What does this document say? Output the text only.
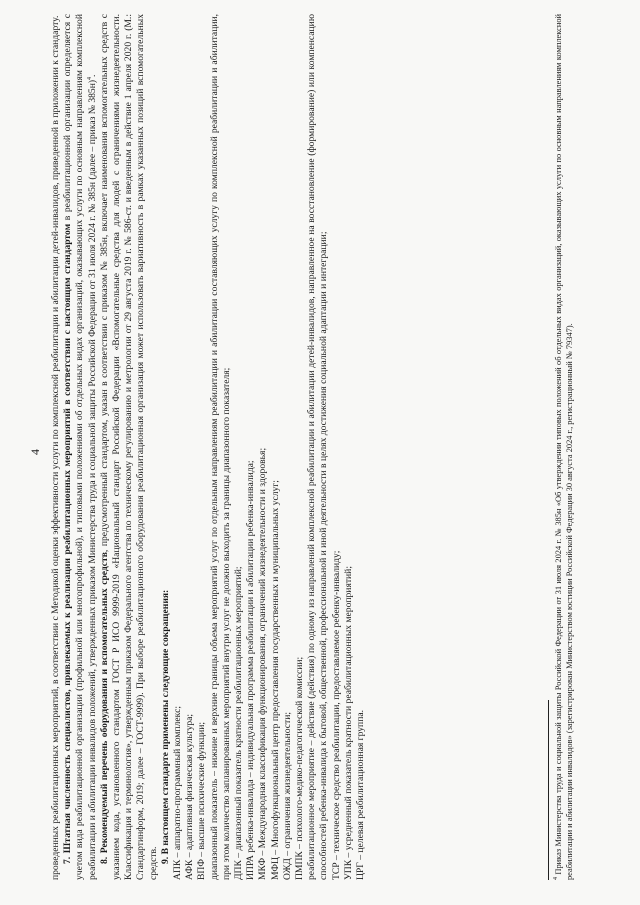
4 проведенных реабилитационных мероприятий, в соответствии с Методикой оценки эффективности услуги по комплексной реабилитации и абилитации детей-инвалидов, приведенной в приложении к стандарту. 7. Штатная численность специалистов, привлекаемых к реализации реабилитационных мероприятий в соответствии с настоящим стандартом в реабилитационной организации определяется с учетом вида реабилитационной организации (профильной или многопрофильной), и типовыми положениями об отдельных видах организаций, оказывающих услуги по основным направлениям комплексной реабилитации и абилитации инвалидов положений, утвержденных приказом Министерства труда и социальной защиты Российской Федерации от 31 июля 2024 г. № 385н (далее – приказ № 385н)$^4$.

8. Рекомендуемый перечень оборудования и вспомогательных средств, предусмотренный стандартом, указан в соответствии с приказом № 385н, включает наименования вспомогательных средств с указанием кода, установленного стандартом ГОСТ Р ИСО 9999-2019 «Национальный стандарт Российской Федерации «Вспомогательные средства для людей с ограничениями жизнедеятельности. Классификация и терминология», утвержденным приказом Федерального агентства по техническому регулированию и метрологии от 29 августа 2019 г. № 586-ст. и введенным в действие 1 апреля 2020 г. (М.: Стандартинформ, 2019; далее – ГОСТ-9999). При выборе реабилитационного оборудования реабилитационная организация может использовать вариативность в рамках указанных позиций вспомогательных средств. 9. В настоящем стандарте применены следующие сокращения: АПК – аппаратно-программный комплекс; АФК – адаптивная физическая культура; ВПФ – высшие психические функции; диапазонный показатель – нижние и верхние границы объема мероприятий услуг по отдельным направлениям реабилитации и абилитации составляющих услугу по комплексной реабилитации и абилитации, при этом количество запланированных мероприятий внутри услуг не должно выходить за границы диапазонного показателя; ДПК – диапазонный показатель кратности реабилитационных мероприятий; ИПРА ребенка-инвалида – индивидуальная программа реабилитации и абилитации ребенка-инвалида; МКФ – Международная классификация функционирования, ограничений жизнедеятельности и здоровья; МФЦ – Многофункциональный центр предоставления государственных и муниципальных услуг; ОЖД – ограничения жизнедеятельности; ПМПК – психолого-медико-педагогической комиссии; реабилитационное мероприятие – действие (действия) по одному из направлений комплексной реабилитации и абилитации детей-инвалидов, направленное на восстановление (формирование) или компенсацию способностей ребенка-инвалида к бытовой, общественной, профессиональной и иной деятельности в целях достижения социальной адаптации и интеграции; ТСР – техническое средство реабилитации, предоставляемое ребенку-инвалиду; УПК – усредненный показатель кратности реабилитационных мероприятий; ЦРГ – целевая реабилитационная группа.	$^4$ Приказ Министерства труда и социальной защиты Российской Федерации от 31 июля 2024 г. № 385н «Об утверждении типовых положений об отдельных видах организаций, оказывающих услуги по основным направлениям комплексной реабилитации и абилитации инвалидов» (зарегистрирован Министерством юстиции Российской Федерации 30 августа 2024 г., регистрационный № 79347).
